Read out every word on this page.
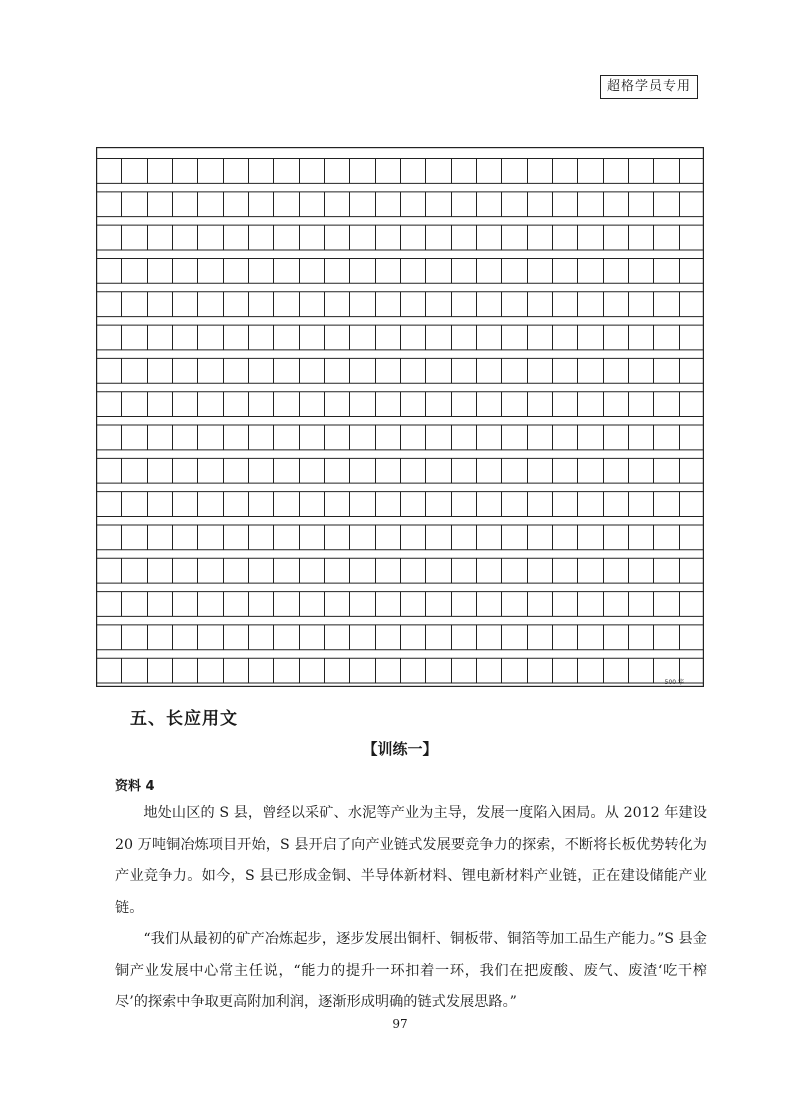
超格学员专用
500 字
五、长应用文
【训练一】
资料 4

地处山区的 S 县，曾经以采矿、水泥等产业为主导，发展一度陷入困局。从 2012 年建设 20 万吨铜冶炼项目开始，S 县开启了向产业链式发展要竞争力的探索，不断将长板优势转化为产业竞争力。如今，S 县已形成金铜、半导体新材料、锂电新材料产业链，正在建设储能产业链。

“我们从最初的矿产冶炼起步，逐步发展出铜杆、铜板带、铜箔等加工品生产能力。”S 县金铜产业发展中心常主任说，“能力的提升一环扣着一环，我们在把废酸、废气、废渣‘吃干榨尽’的探索中争取更高附加利润，逐渐形成明确的链式发展思路。”

97
